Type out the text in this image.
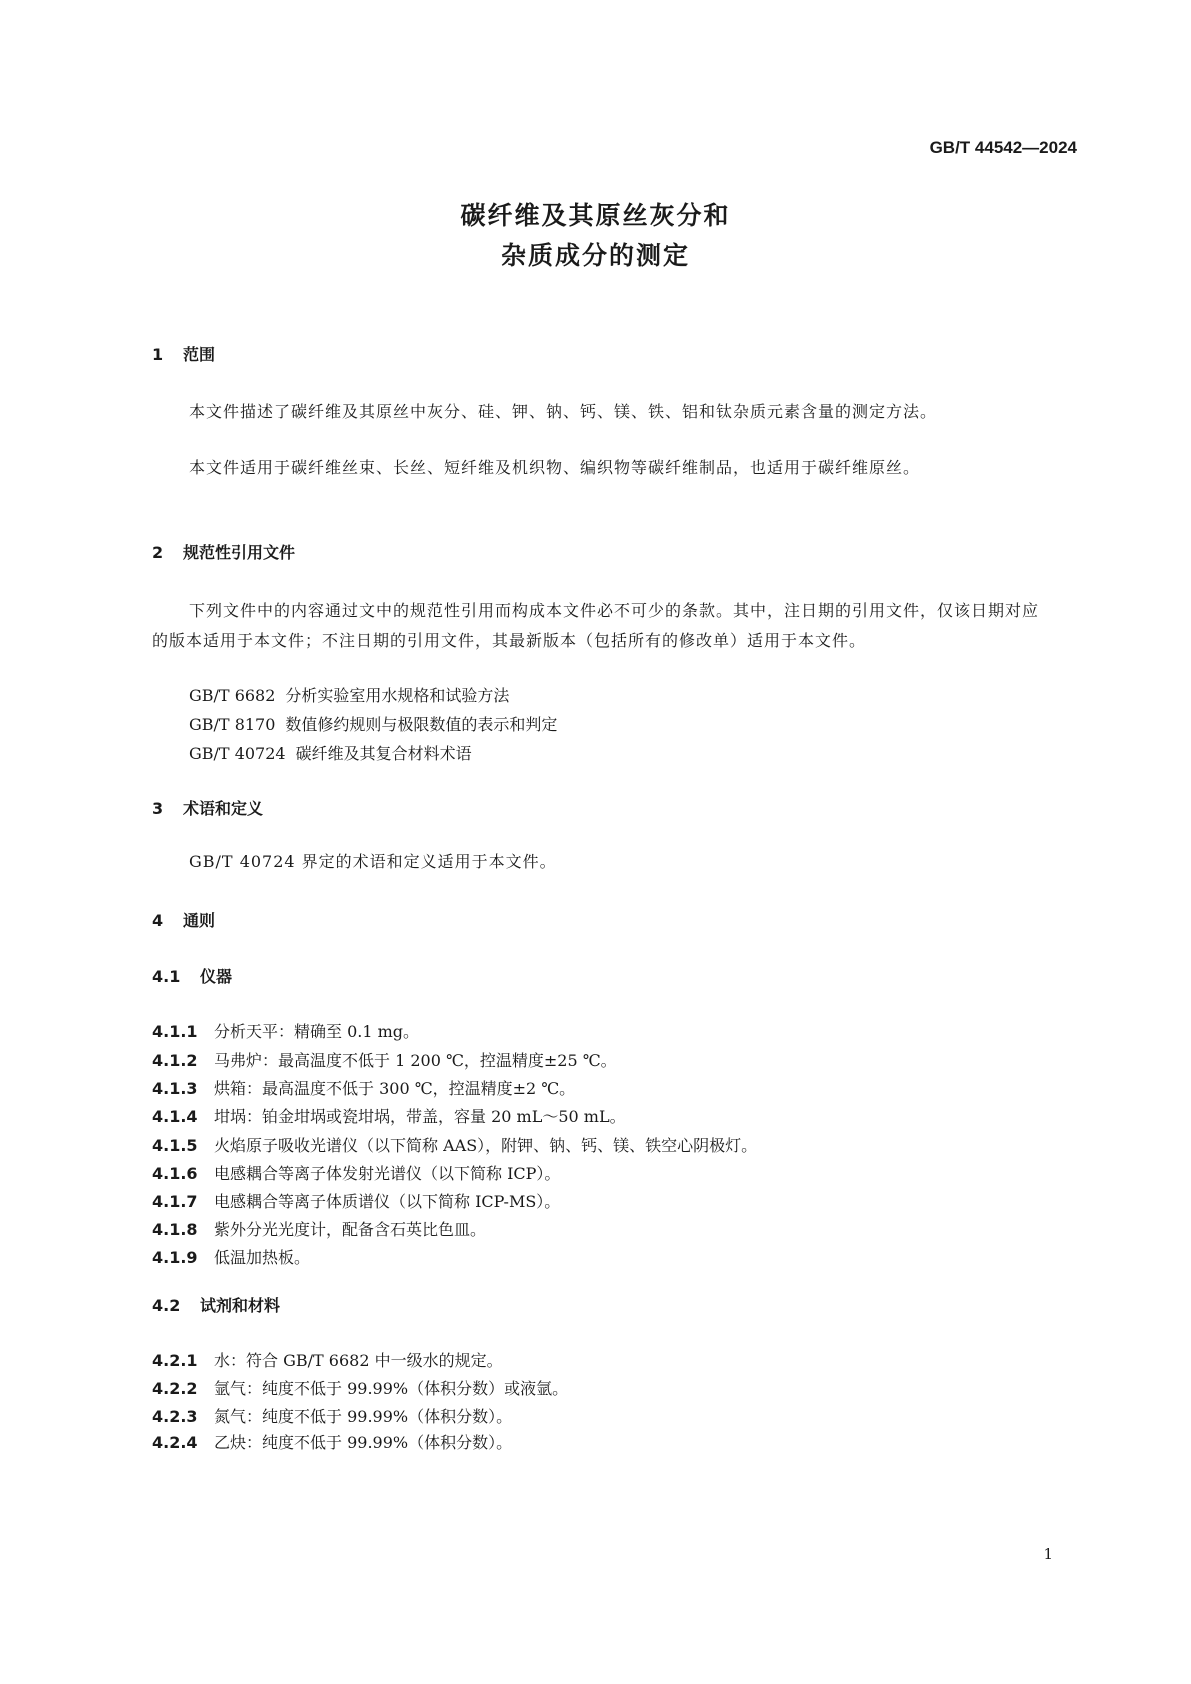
GB/T 44542—2024
碳纤维及其原丝灰分和
杂质成分的测定
1 范围
本文件描述了碳纤维及其原丝中灰分、硅、钾、钠、钙、镁、铁、铝和钛杂质元素含量的测定方法。
本文件适用于碳纤维丝束、长丝、短纤维及机织物、编织物等碳纤维制品，也适用于碳纤维原丝。
2 规范性引用文件
下列文件中的内容通过文中的规范性引用而构成本文件必不可少的条款。其中，注日期的引用文件，仅该日期对应的版本适用于本文件；不注日期的引用文件，其最新版本（包括所有的修改单）适用于本文件。
GB/T 6682 分析实验室用水规格和试验方法
GB/T 8170 数值修约规则与极限数值的表示和判定
GB/T 40724 碳纤维及其复合材料术语
3 术语和定义
GB/T 40724 界定的术语和定义适用于本文件。
4 通则
4.1 仪器
4.1.1 分析天平：精确至 0.1 mg。
4.1.2 马弗炉：最高温度不低于 1 200 ℃，控温精度±25 ℃。
4.1.3 烘箱：最高温度不低于 300 ℃，控温精度±2 ℃。
4.1.4 坩埚：铂金坩埚或瓷坩埚，带盖，容量 20 mL～50 mL。
4.1.5 火焰原子吸收光谱仪（以下简称 AAS），附钾、钠、钙、镁、铁空心阴极灯。
4.1.6 电感耦合等离子体发射光谱仪（以下简称 ICP）。
4.1.7 电感耦合等离子体质谱仪（以下简称 ICP-MS）。
4.1.8 紫外分光光度计，配备含石英比色皿。
4.1.9 低温加热板。
4.2 试剂和材料
4.2.1 水：符合 GB/T 6682 中一级水的规定。
4.2.2 氩气：纯度不低于 99.99%（体积分数）或液氩。
4.2.3 氮气：纯度不低于 99.99%（体积分数）。
4.2.4 乙炔：纯度不低于 99.99%（体积分数）。
1
